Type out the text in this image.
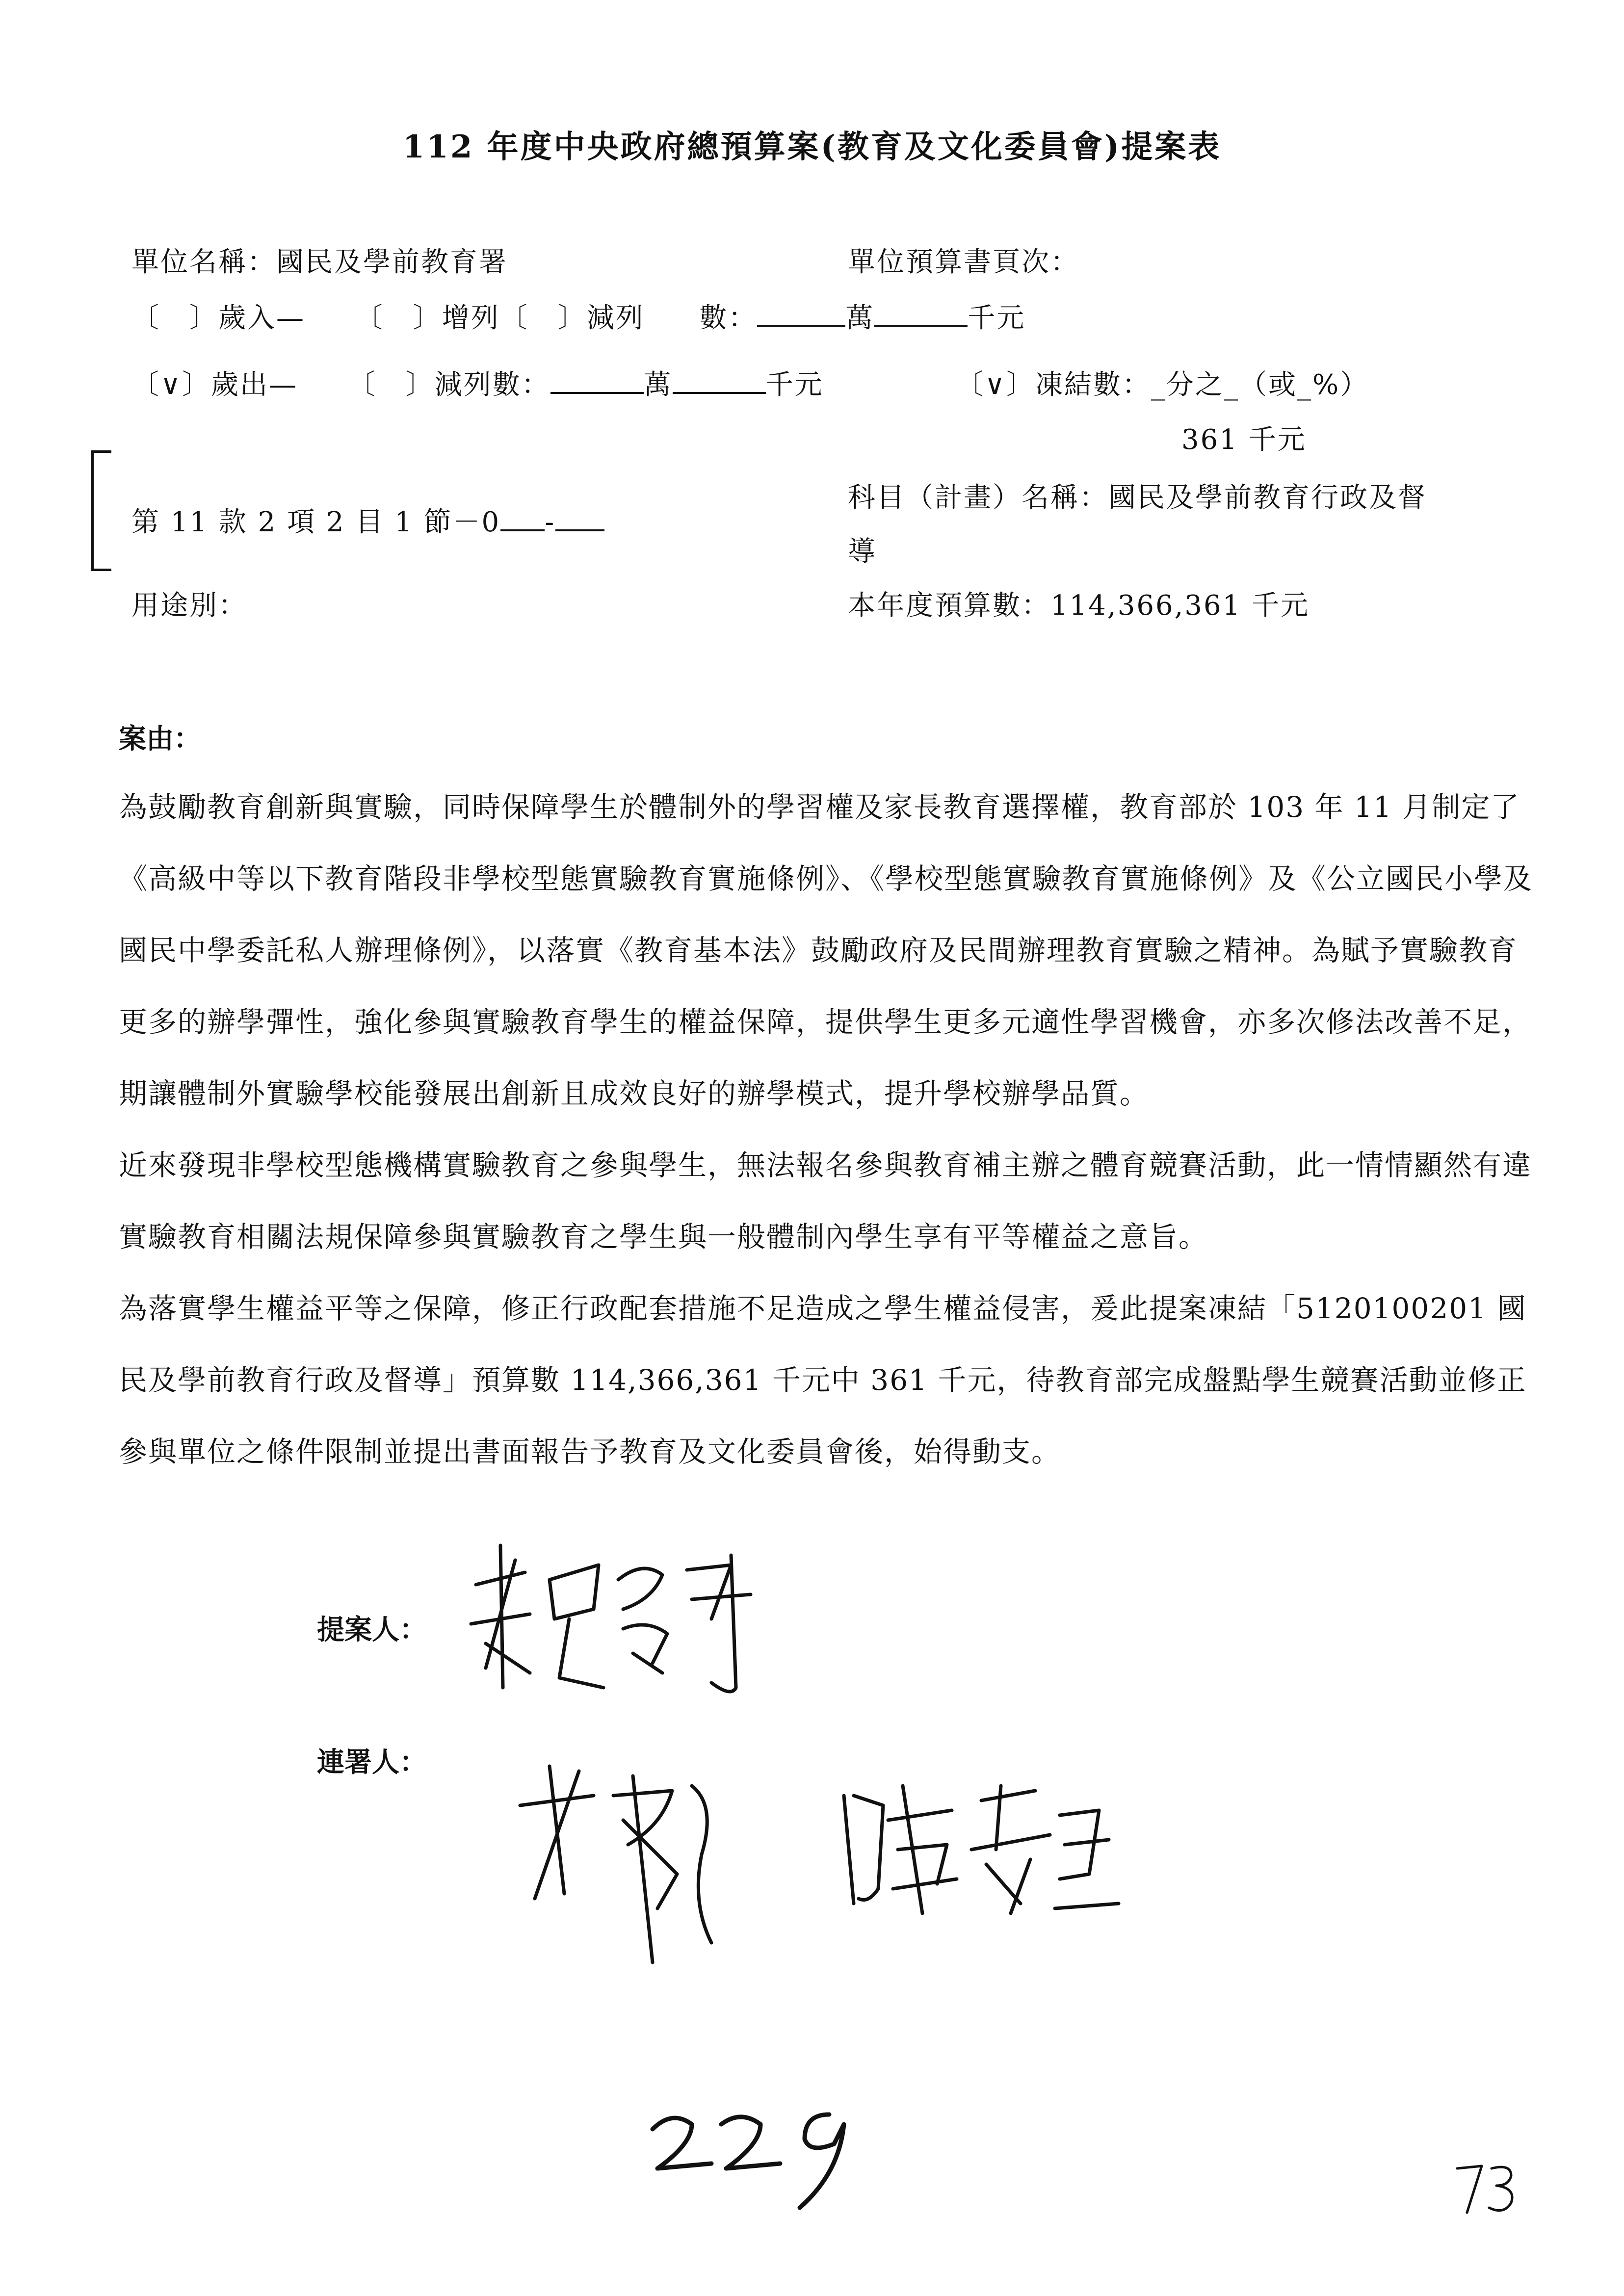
112 年度中央政府總預算案(教育及文化委員會)提案表
單位名稱：國民及學前教育署	單位預算書頁次：
〔　〕歲入— 〔　〕增列〔　〕減列 數：	萬	千元
〔∨〕歲出— 〔　〕減列數：	萬	千元	〔∨〕凍結數：_分之_（或_%）
361 千元
第 11 款 2 項 2 目 1 節－0 -
科目（計畫）名稱：國民及學前教育行政及督
導
用途別：	本年度預算數：114,366,361 千元
案由：

為鼓勵教育創新與實驗，同時保障學生於體制外的學習權及家長教育選擇權，教育部於 103 年 11 月制定了《高級中等以下教育階段非學校型態實驗教育實施條例》、《學校型態實驗教育實施條例》及《公立國民小學及國民中學委託私人辦理條例》，以落實《教育基本法》鼓勵政府及民間辦理教育實驗之精神。為賦予實驗教育更多的辦學彈性，強化參與實驗教育學生的權益保障，提供學生更多元適性學習機會，亦多次修法改善不足，期讓體制外實驗學校能發展出創新且成效良好的辦學模式，提升學校辦學品質。

近來發現非學校型態機構實驗教育之參與學生，無法報名參與教育補主辦之體育競賽活動，此一情情顯然有違實驗教育相關法規保障參與實驗教育之學生與一般體制內學生享有平等權益之意旨。

為落實學生權益平等之保障，修正行政配套措施不足造成之學生權益侵害，爰此提案凍結「5120100201 國民及學前教育行政及督導」預算數 114,366,361 千元中 361 千元，待教育部完成盤點學生競賽活動並修正參與單位之條件限制並提出書面報告予教育及文化委員會後，始得動支。

提案人：
連署人：
